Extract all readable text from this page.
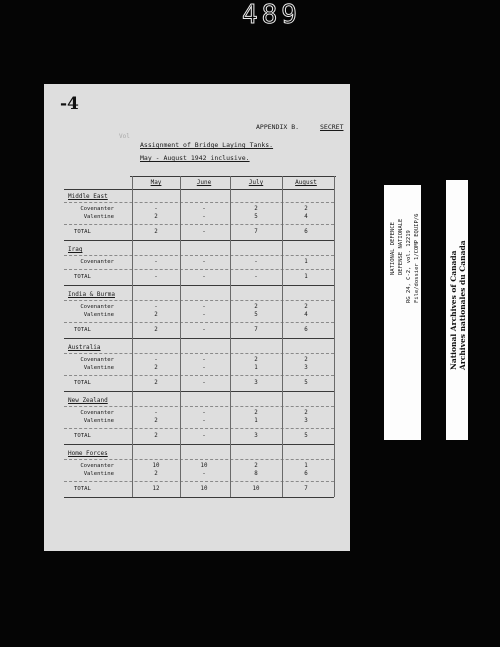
489
-4
Vol
APPENDIX B.	SECRET
Assignment of Bridge Laying Tanks.
May - August 1942 inclusive.
May	June	July	August
Middle East
Covenanter	-	-	2	2
Valentine	2	-	5	4
TOTAL	2	-	7	6
Iraq
Covenanter	-	-	-	1
TOTAL	-	-	-	1
India & Burma
Covenanter	-	-	2	2
Valentine	2	-	5	4
TOTAL	2	-	7	6
Australia
Covenanter	-	-	2	2
Valentine	2	-	1	3
TOTAL	2	-	3	5
New Zealand
Covenanter	-	-	2	2
Valentine	2	-	1	3
TOTAL	2	-	3	5
Home Forces
Covenanter	10	10	2	1
Valentine	2	-	8	6
TOTAL	12	10	10	7
NATIONAL DEFENCE DEFENSE NATIONALE RG 24, C-2, vol. 12219 File/dossier 1/COMP EQUIP/6	National Archives of Canada Archives nationales du Canada
